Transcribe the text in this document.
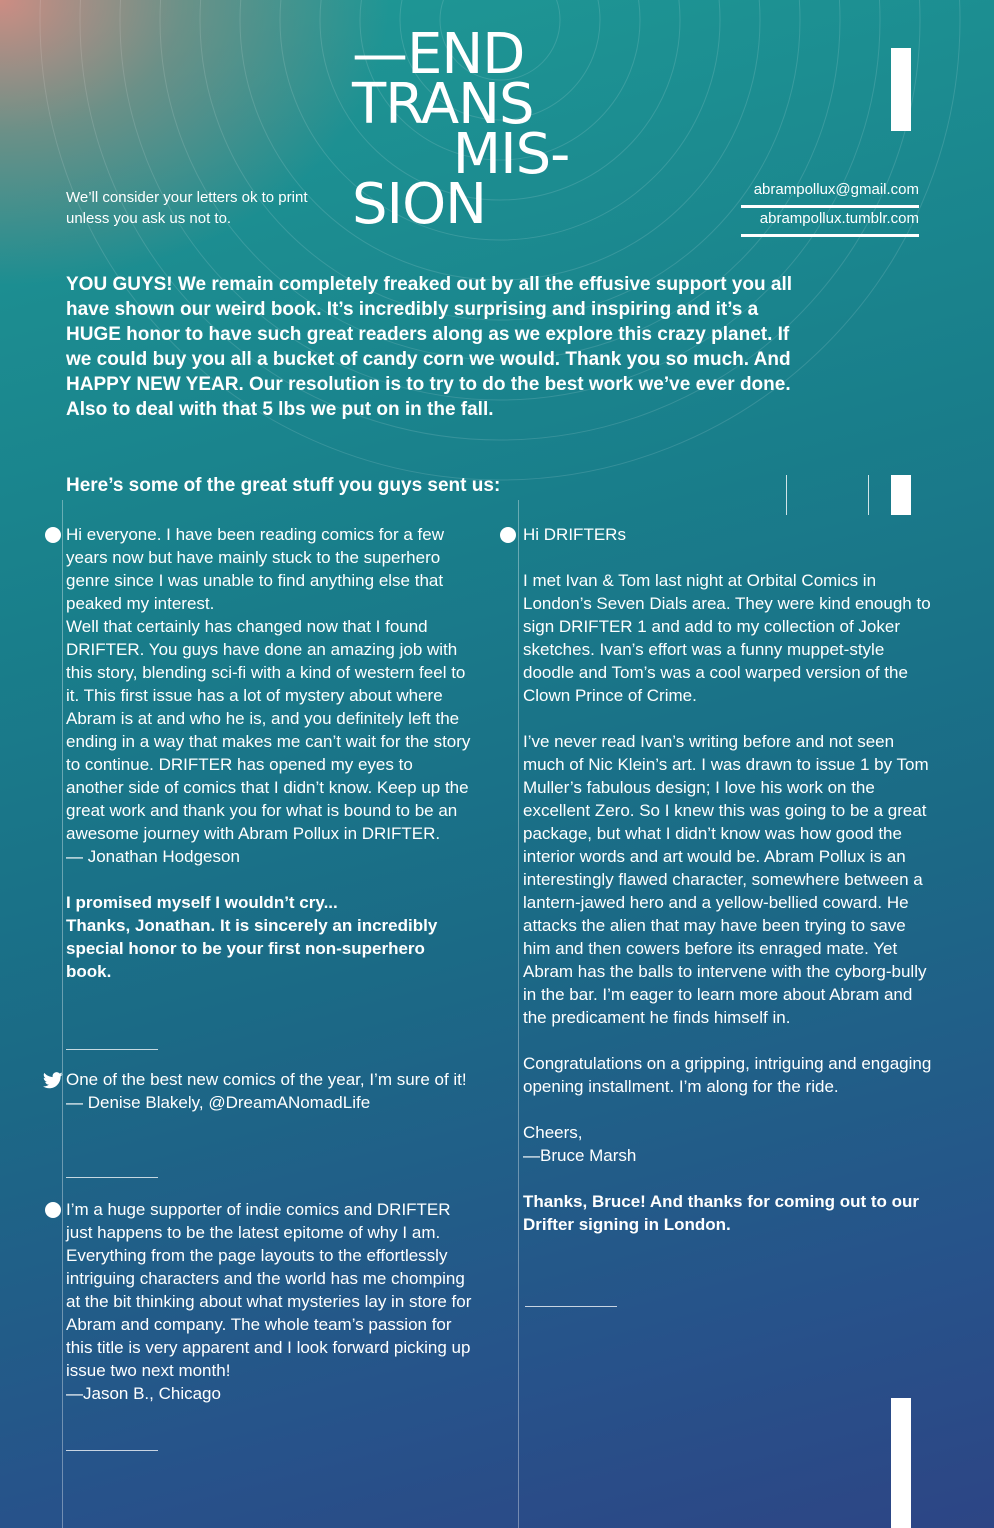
—END
TRANS
MIS-
SION
We’ll consider your letters ok to print
unless you ask us not to.
abrampollux@gmail.com
abrampollux.tumblr.com
YOU GUYS! We remain completely freaked out by all the effusive support you all have shown our weird book. It’s incredibly surprising and inspiring and it’s a HUGE honor to have such great readers along as we explore this crazy planet. If we could buy you all a bucket of candy corn we would. Thank you so much. And HAPPY NEW YEAR. Our resolution is to try to do the best work we’ve ever done. Also to deal with that 5 lbs we put on in the fall.
Here’s some of the great stuff you guys sent us:

Hi everyone. I have been reading comics for a few years now but have mainly stuck to the superhero genre since I was unable to find anything else that peaked my interest.

Well that certainly has changed now that I found DRIFTER. You guys have done an amazing job with this story, blending sci-fi with a kind of western feel to it. This first issue has a lot of mystery about where Abram is at and who he is, and you definitely left the ending in a way that makes me can’t wait for the story to continue. DRIFTER has opened my eyes to another side of comics that I didn’t know. Keep up the great work and thank you for what is bound to be an awesome journey with Abram Pollux in DRIFTER.

— Jonathan Hodgeson

I promised myself I wouldn’t cry...

Thanks, Jonathan. It is sincerely an incredibly special honor to be your first non-superhero book.

One of the best new comics of the year, I’m sure of it!

— Denise Blakely, @DreamANomadLife

I’m a huge supporter of indie comics and DRIFTER just happens to be the latest epitome of why I am. Everything from the page layouts to the effortlessly intriguing characters and the world has me chomping at the bit thinking about what mysteries lay in store for Abram and company. The whole team’s passion for this title is very apparent and I look forward picking up issue two next month!

—Jason B., Chicago

Hi DRIFTERs

I met Ivan & Tom last night at Orbital Comics in London’s Seven Dials area. They were kind enough to sign DRIFTER 1 and add to my collection of Joker sketches. Ivan’s effort was a funny muppet-style doodle and Tom’s was a cool warped version of the Clown Prince of Crime.

I’ve never read Ivan’s writing before and not seen much of Nic Klein’s art. I was drawn to issue 1 by Tom Muller’s fabulous design; I love his work on the excellent Zero. So I knew this was going to be a great package, but what I didn’t know was how good the interior words and art would be. Abram Pollux is an interestingly flawed character, somewhere between a lantern-jawed hero and a yellow-bellied coward. He attacks the alien that may have been trying to save him and then cowers before its enraged mate. Yet Abram has the balls to intervene with the cyborg-bully in the bar. I’m eager to learn more about Abram and the predicament he finds himself in.

Congratulations on a gripping, intriguing and engaging opening installment. I’m along for the ride.

Cheers,

—Bruce Marsh

Thanks, Bruce! And thanks for coming out to our Drifter signing in London.
